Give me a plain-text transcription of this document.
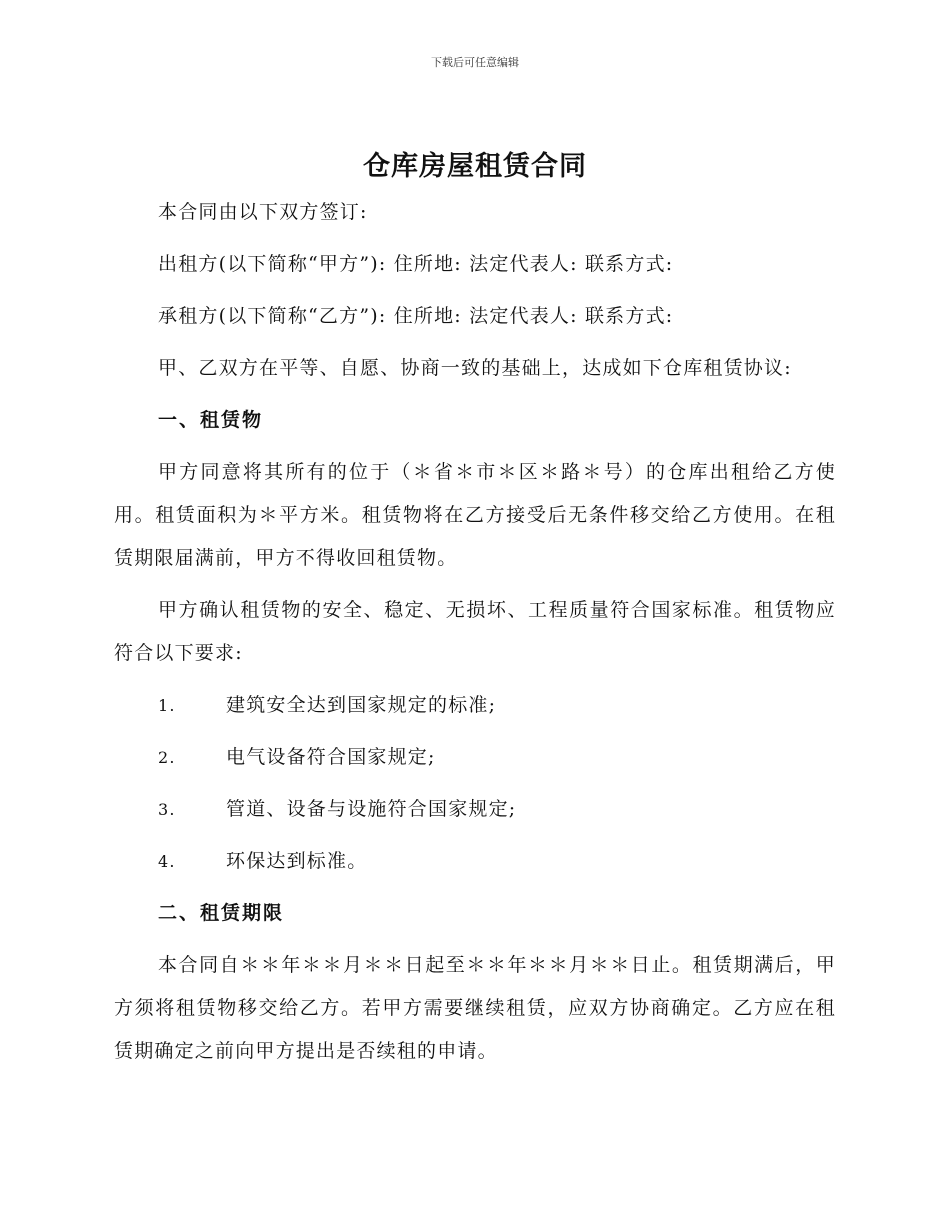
下载后可任意编辑
仓库房屋租赁合同

本合同由以下双方签订:

出租方(以下简称“甲方”): 住所地: 法定代表人: 联系方式:

承租方(以下简称“乙方”): 住所地: 法定代表人: 联系方式:

甲、乙双方在平等、自愿、协商一致的基础上，达成如下仓库租赁协议:

一、租赁物

甲方同意将其所有的位于（＊省＊市＊区＊路＊号）的仓库出租给乙方使用。租赁面积为＊平方米。租赁物将在乙方接受后无条件移交给乙方使用。在租赁期限届满前，甲方不得收回租赁物。

甲方确认租赁物的安全、稳定、无损坏、工程质量符合国家标准。租赁物应符合以下要求:

1.	建筑安全达到国家规定的标准;
2.	电气设备符合国家规定;
3.	管道、设备与设施符合国家规定;
4.	环保达到标准。
二、租赁期限

本合同自＊＊年＊＊月＊＊日起至＊＊年＊＊月＊＊日止。租赁期满后，甲方须将租赁物移交给乙方。若甲方需要继续租赁，应双方协商确定。乙方应在租赁期确定之前向甲方提出是否续租的申请。
